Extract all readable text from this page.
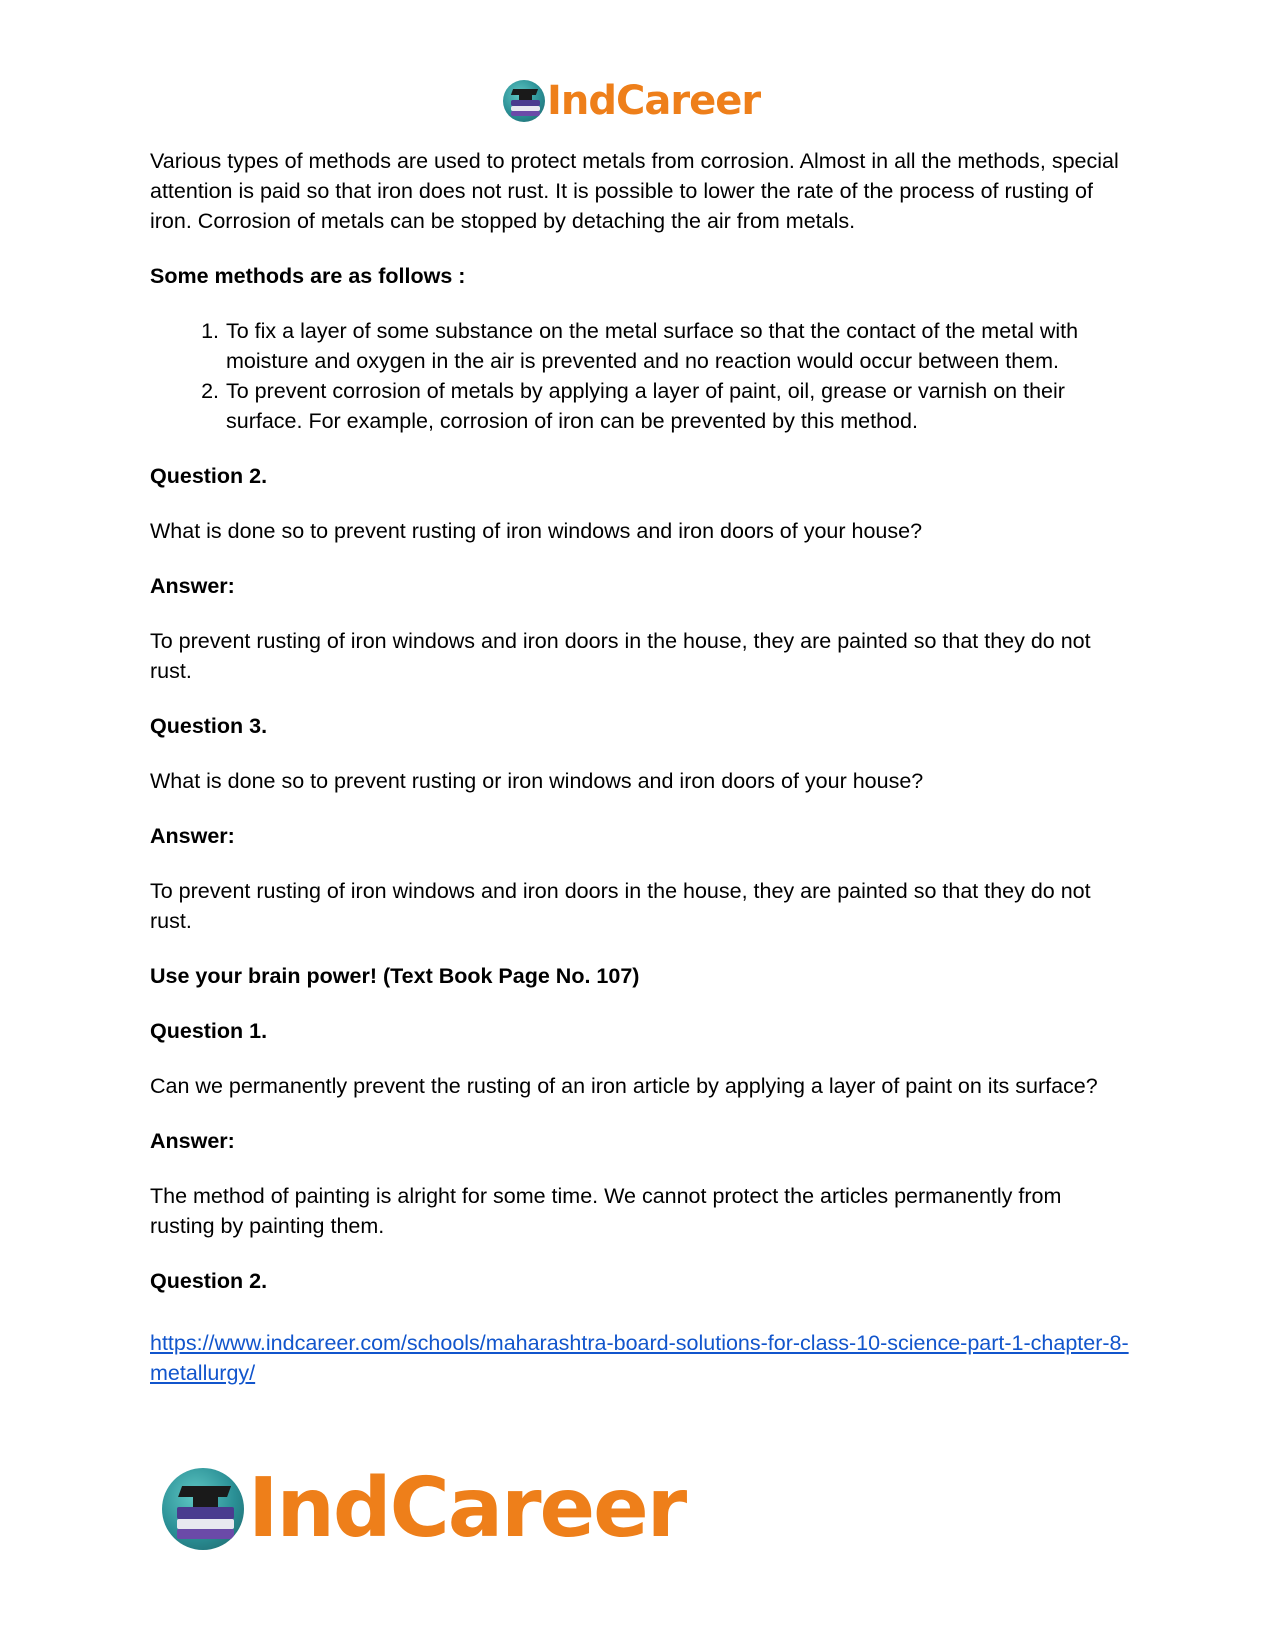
IndCareer

Various types of methods are used to protect metals from corrosion. Almost in all the methods, special attention is paid so that iron does not rust. It is possible to lower the rate of the process of rusting of iron. Corrosion of metals can be stopped by detaching the air from metals.

Some methods are as follows :

1. To fix a layer of some substance on the metal surface so that the contact of the metal with moisture and oxygen in the air is prevented and no reaction would occur between them.
2. To prevent corrosion of metals by applying a layer of paint, oil, grease or varnish on their surface. For example, corrosion of iron can be prevented by this method.

Question 2.

What is done so to prevent rusting of iron windows and iron doors of your house?

Answer:

To prevent rusting of iron windows and iron doors in the house, they are painted so that they do not rust.

Question 3.

What is done so to prevent rusting or iron windows and iron doors of your house?

Answer:

To prevent rusting of iron windows and iron doors in the house, they are painted so that they do not rust.

Use your brain power! (Text Book Page No. 107)

Question 1.

Can we permanently prevent the rusting of an iron article by applying a layer of paint on its surface?

Answer:

The method of painting is alright for some time. We cannot protect the articles permanently from rusting by painting them.

Question 2.

https://www.indcareer.com/schools/maharashtra-board-solutions-for-class-10-science-part-1-chapter-8-metallurgy/

IndCareer
